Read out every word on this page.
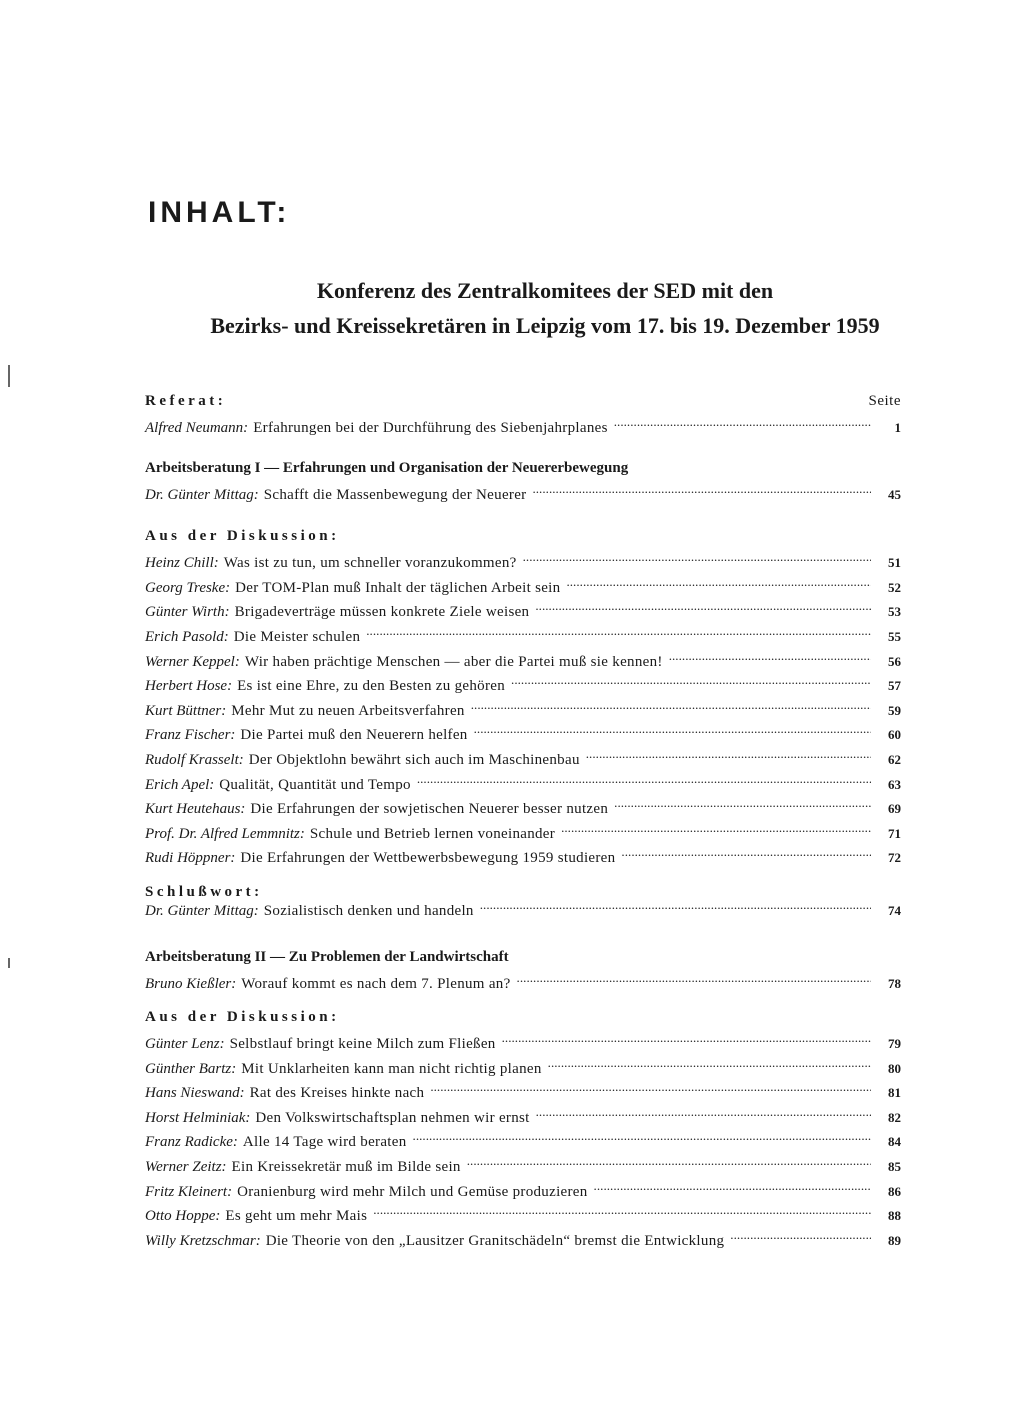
INHALT:

Konferenz des Zentralkomitees der SED mit den

Bezirks- und Kreissekretären in Leipzig vom 17. bis 19. Dezember 1959

Referat:	Seite
Alfred Neumann: Erfahrungen bei der Durchführung des Siebenjahrplanes . . .	1
Arbeitsberatung I — Erfahrungen und Organisation der Neuererbewegung
Dr. Günter Mittag: Schafft die Massenbewegung der Neuerer . . .	45
Aus der Diskussion:
Heinz Chill: Was ist zu tun, um schneller voranzukommen? . . .	51
Georg Treske: Der TOM-Plan muß Inhalt der täglichen Arbeit sein . . .	52
Günter Wirth: Brigadeverträge müssen konkrete Ziele weisen . . .	53
Erich Pasold: Die Meister schulen . . .	55
Werner Keppel: Wir haben prächtige Menschen — aber die Partei muß sie kennen! . . .	56
Herbert Hose: Es ist eine Ehre, zu den Besten zu gehören . . .	57
Kurt Büttner: Mehr Mut zu neuen Arbeitsverfahren . . .	59
Franz Fischer: Die Partei muß den Neuerern helfen . . .	60
Rudolf Krasselt: Der Objektlohn bewährt sich auch im Maschinenbau . . .	62
Erich Apel: Qualität, Quantität und Tempo . . .	63
Kurt Heutehaus: Die Erfahrungen der sowjetischen Neuerer besser nutzen . . .	69
Prof. Dr. Alfred Lemmnitz: Schule und Betrieb lernen voneinander . . .	71
Rudi Höppner: Die Erfahrungen der Wettbewerbsbewegung 1959 studieren . . .	72
Schlußwort:
Dr. Günter Mittag: Sozialistisch denken und handeln . . .	74
Arbeitsberatung II — Zu Problemen der Landwirtschaft
Bruno Kießler: Worauf kommt es nach dem 7. Plenum an? . . .	78
Aus der Diskussion:
Günter Lenz: Selbstlauf bringt keine Milch zum Fließen . . .	79
Günther Bartz: Mit Unklarheiten kann man nicht richtig planen . . .	80
Hans Nieswand: Rat des Kreises hinkte nach . . .	81
Horst Helminiak: Den Volkswirtschaftsplan nehmen wir ernst . . .	82
Franz Radicke: Alle 14 Tage wird beraten . . .	84
Werner Zeitz: Ein Kreissekretär muß im Bilde sein . . .	85
Fritz Kleinert: Oranienburg wird mehr Milch und Gemüse produzieren . . .	86
Otto Hoppe: Es geht um mehr Mais . . .	88
Willy Kretzschmar: Die Theorie von den „Lausitzer Granitschädeln“ bremst die Entwicklung . . .	89
